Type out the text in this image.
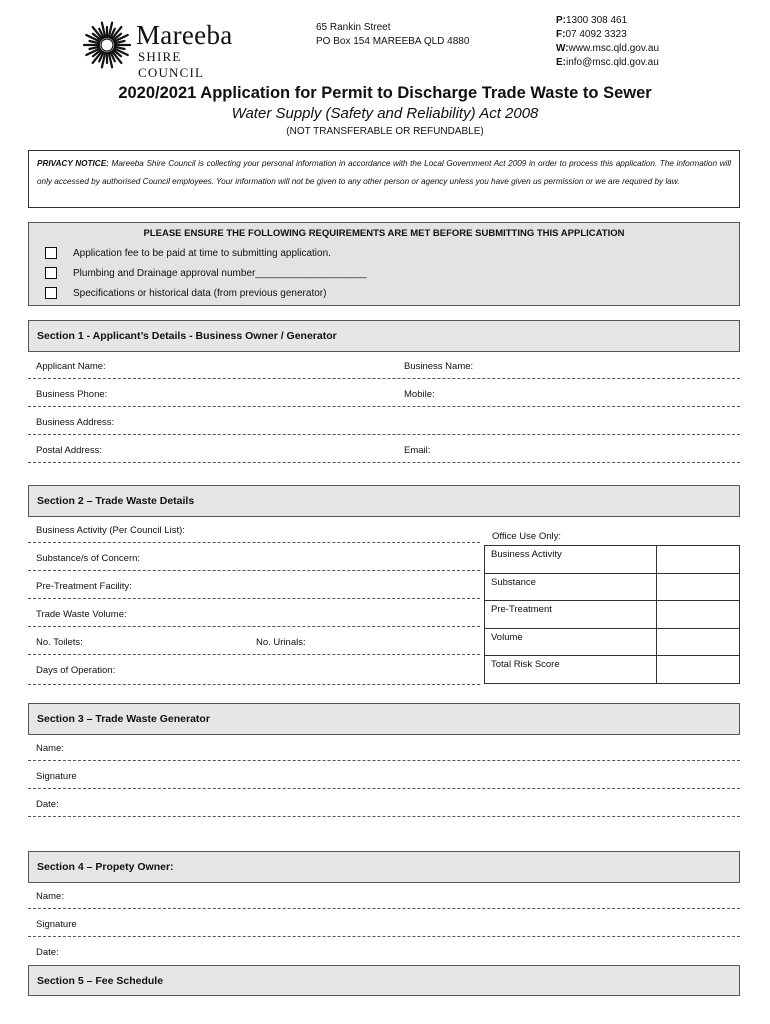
Mareeba
SHIRE COUNCIL
65 Rankin Street
PO Box 154 MAREEBA QLD 4880
P:1300 308 461
F:07 4092 3323
W:www.msc.qld.gov.au
E:info@msc.qld.gov.au
2020/2021 Application for Permit to Discharge Trade Waste to Sewer
Water Supply (Safety and Reliability) Act 2008
(NOT TRANSFERABLE OR REFUNDABLE)
PRIVACY NOTICE: Mareeba Shire Council is collecting your personal information in accordance with the Local Government Act 2009 in order to process this application. The information will only accessed by authorised Council employees. Your information will not be given to any other person or agency unless you have given us permission or we are required by law.
PLEASE ENSURE THE FOLLOWING REQUIREMENTS ARE MET BEFORE SUBMITTING THIS APPLICATION
Application fee to be paid at time to submitting application.
Plumbing and Drainage approval number____________________
Specifications or historical data (from previous generator)
Section 1 - Applicant’s Details - Business Owner / Generator
Applicant Name:	Business Name:
Business Phone:	Mobile:
Business Address:
Postal Address:	Email:
Section 2 – Trade Waste Details
Business Activity (Per Council List):
Substance/s of Concern:
Pre-Treatment Facility:
Trade Waste Volume:
No. Toilets:	No. Urinals:
Days of Operation:
Office Use Only:
Business Activity	
Substance	
Pre-Treatment	
Volume	
Total Risk Score	
Section 3 – Trade Waste Generator
Name:
Signature
Date:
Section 4 – Propety Owner:
Name:
Signature
Date:
Section 5 – Fee Schedule
